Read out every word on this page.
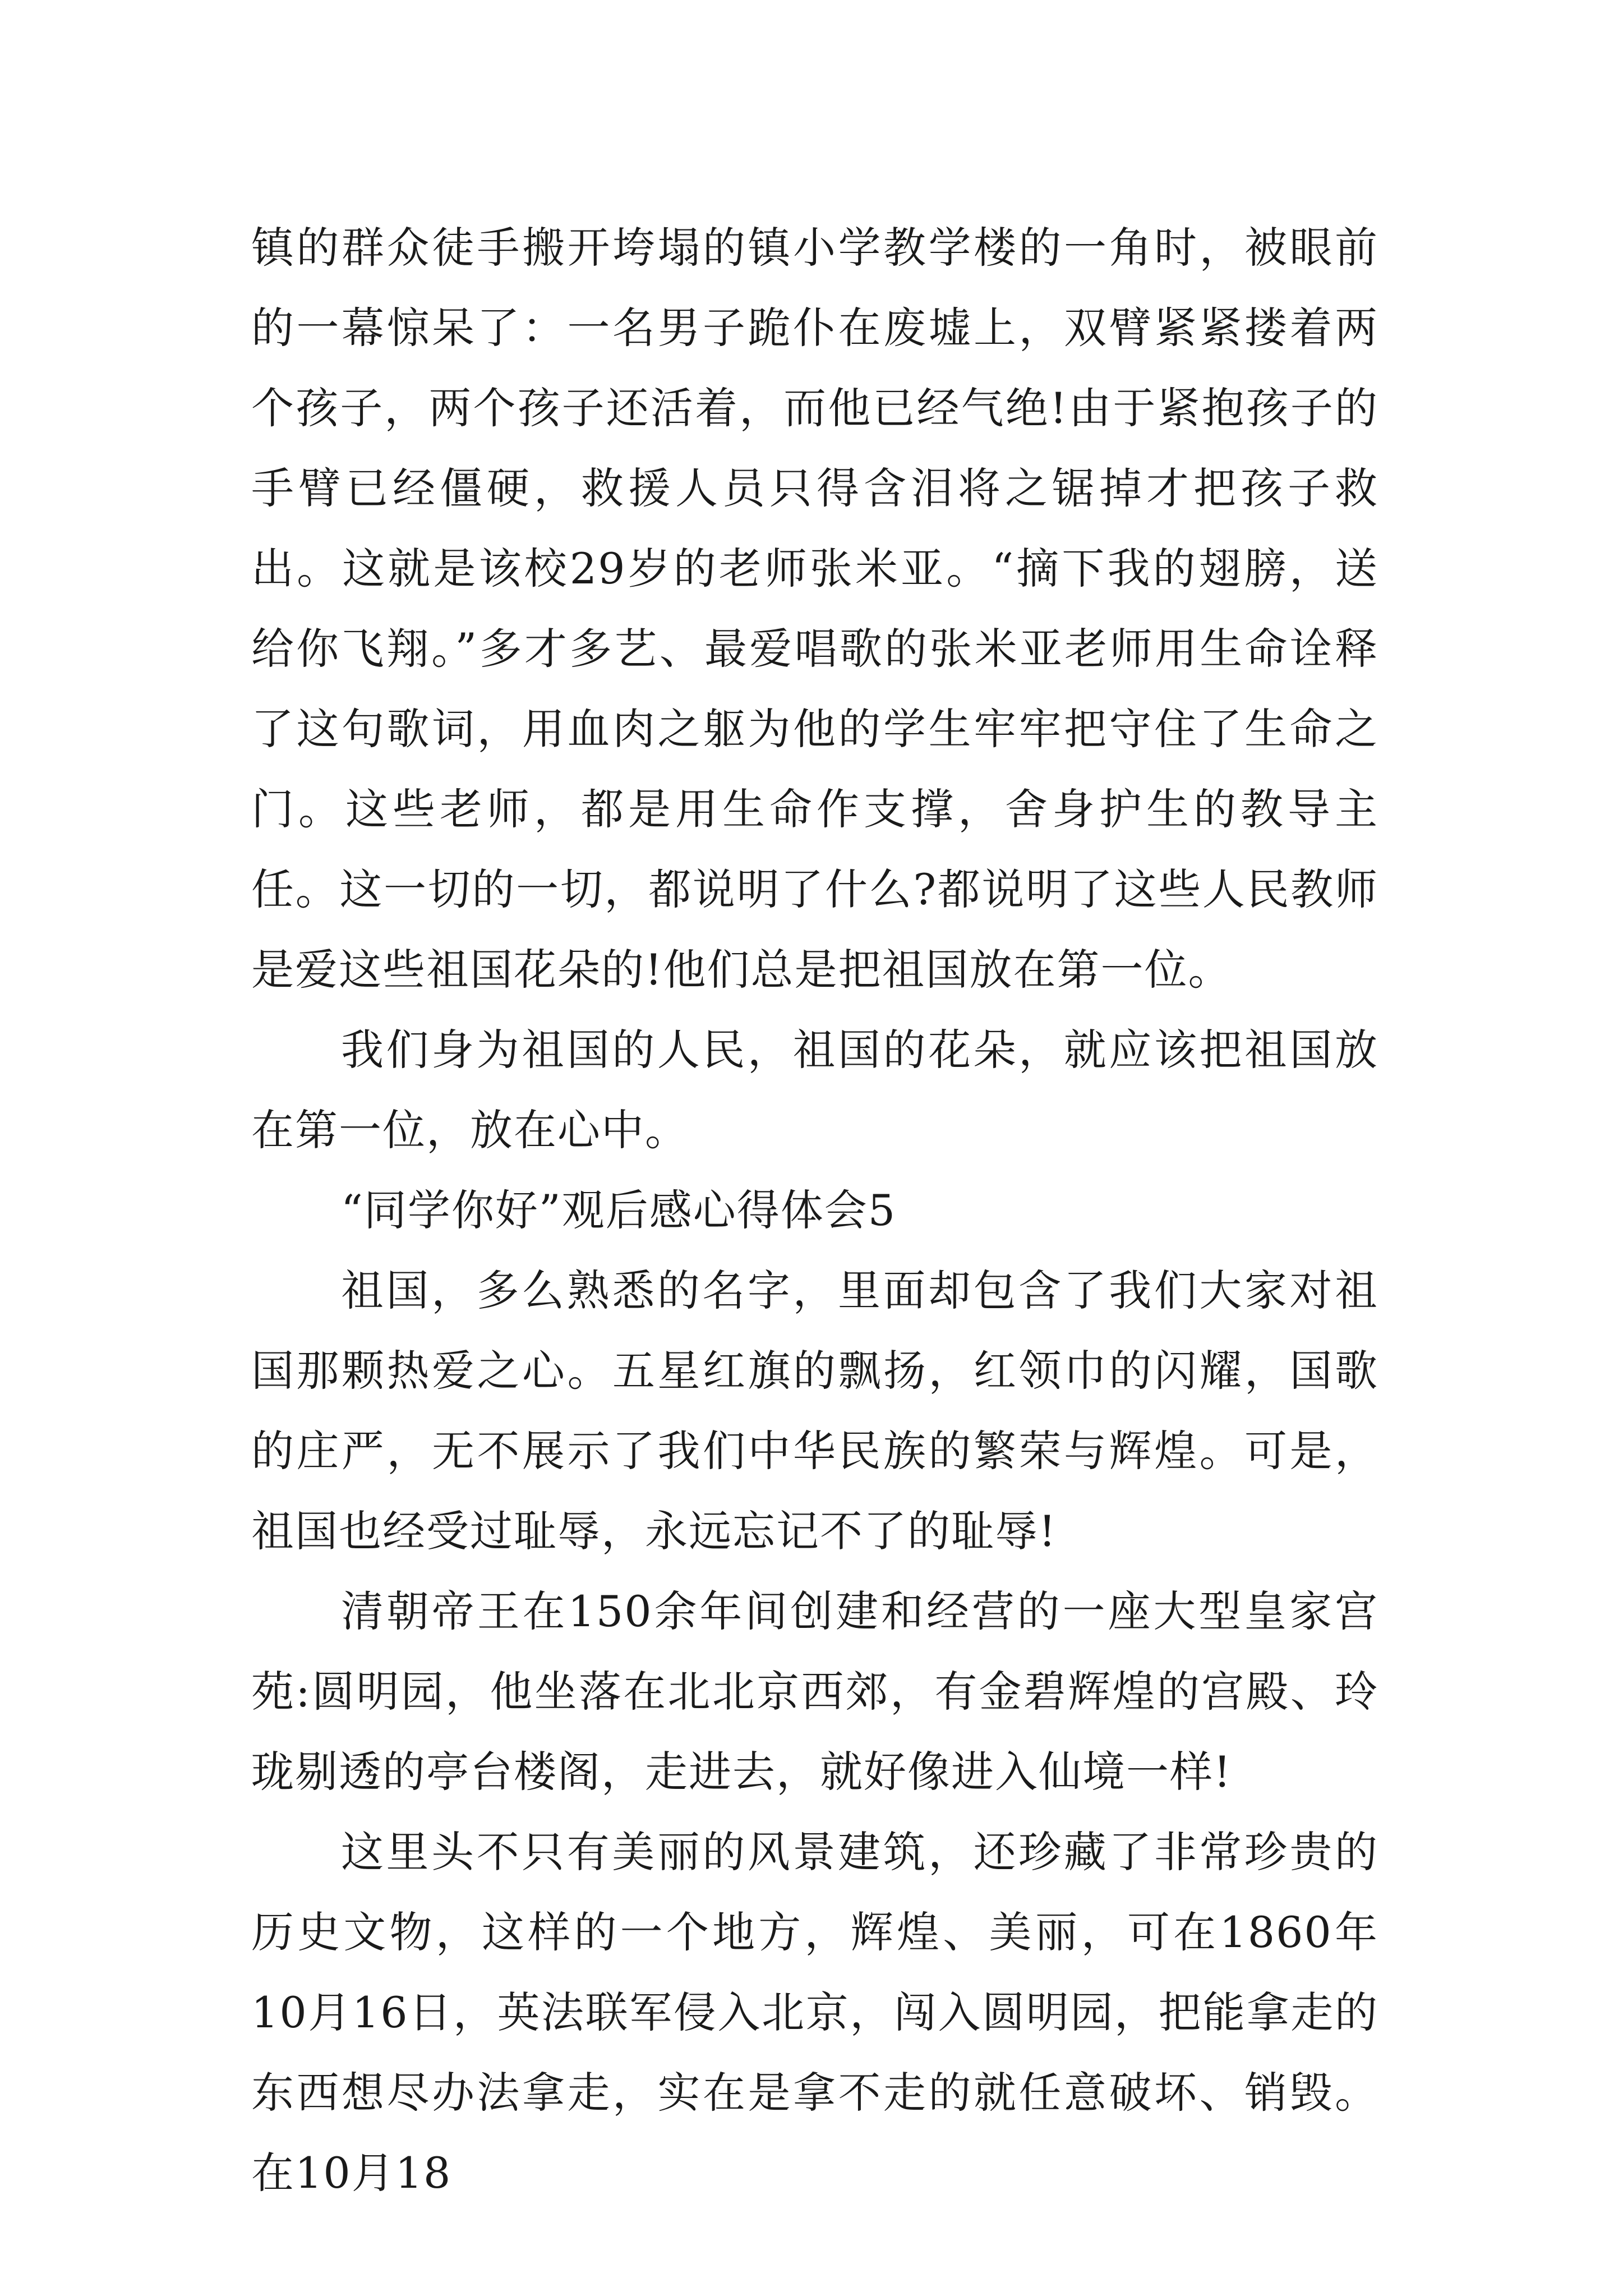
镇的群众徒手搬开垮塌的镇小学教学楼的一角时，被眼前的一幕惊呆了：一名男子跪仆在废墟上，双臂紧紧搂着两个孩子，两个孩子还活着，而他已经气绝!由于紧抱孩子的手臂已经僵硬，救援人员只得含泪将之锯掉才把孩子救出。这就是该校29岁的老师张米亚。“摘下我的翅膀，送给你飞翔。”多才多艺、最爱唱歌的张米亚老师用生命诠释了这句歌词，用血肉之躯为他的学生牢牢把守住了生命之门。这些老师，都是用生命作支撑，舍身护生的教导主任。这一切的一切，都说明了什么?都说明了这些人民教师是爱这些祖国花朵的!他们总是把祖国放在第一位。

我们身为祖国的人民，祖国的花朵，就应该把祖国放在第一位，放在心中。

“同学你好”观后感心得体会5

祖国，多么熟悉的名字，里面却包含了我们大家对祖国那颗热爱之心。五星红旗的飘扬，红领巾的闪耀，国歌的庄严，无不展示了我们中华民族的繁荣与辉煌。可是，祖国也经受过耻辱，永远忘记不了的耻辱!

清朝帝王在150余年间创建和经营的一座大型皇家宫苑:圆明园，他坐落在北北京西郊，有金碧辉煌的宫殿、玲珑剔透的亭台楼阁，走进去，就好像进入仙境一样!

这里头不只有美丽的风景建筑，还珍藏了非常珍贵的历史文物，这样的一个地方，辉煌、美丽，可在1860年10月16日，英法联军侵入北京，闯入圆明园，把能拿走的东西想尽办法拿走，实在是拿不走的就任意破坏、销毁。在10月18
